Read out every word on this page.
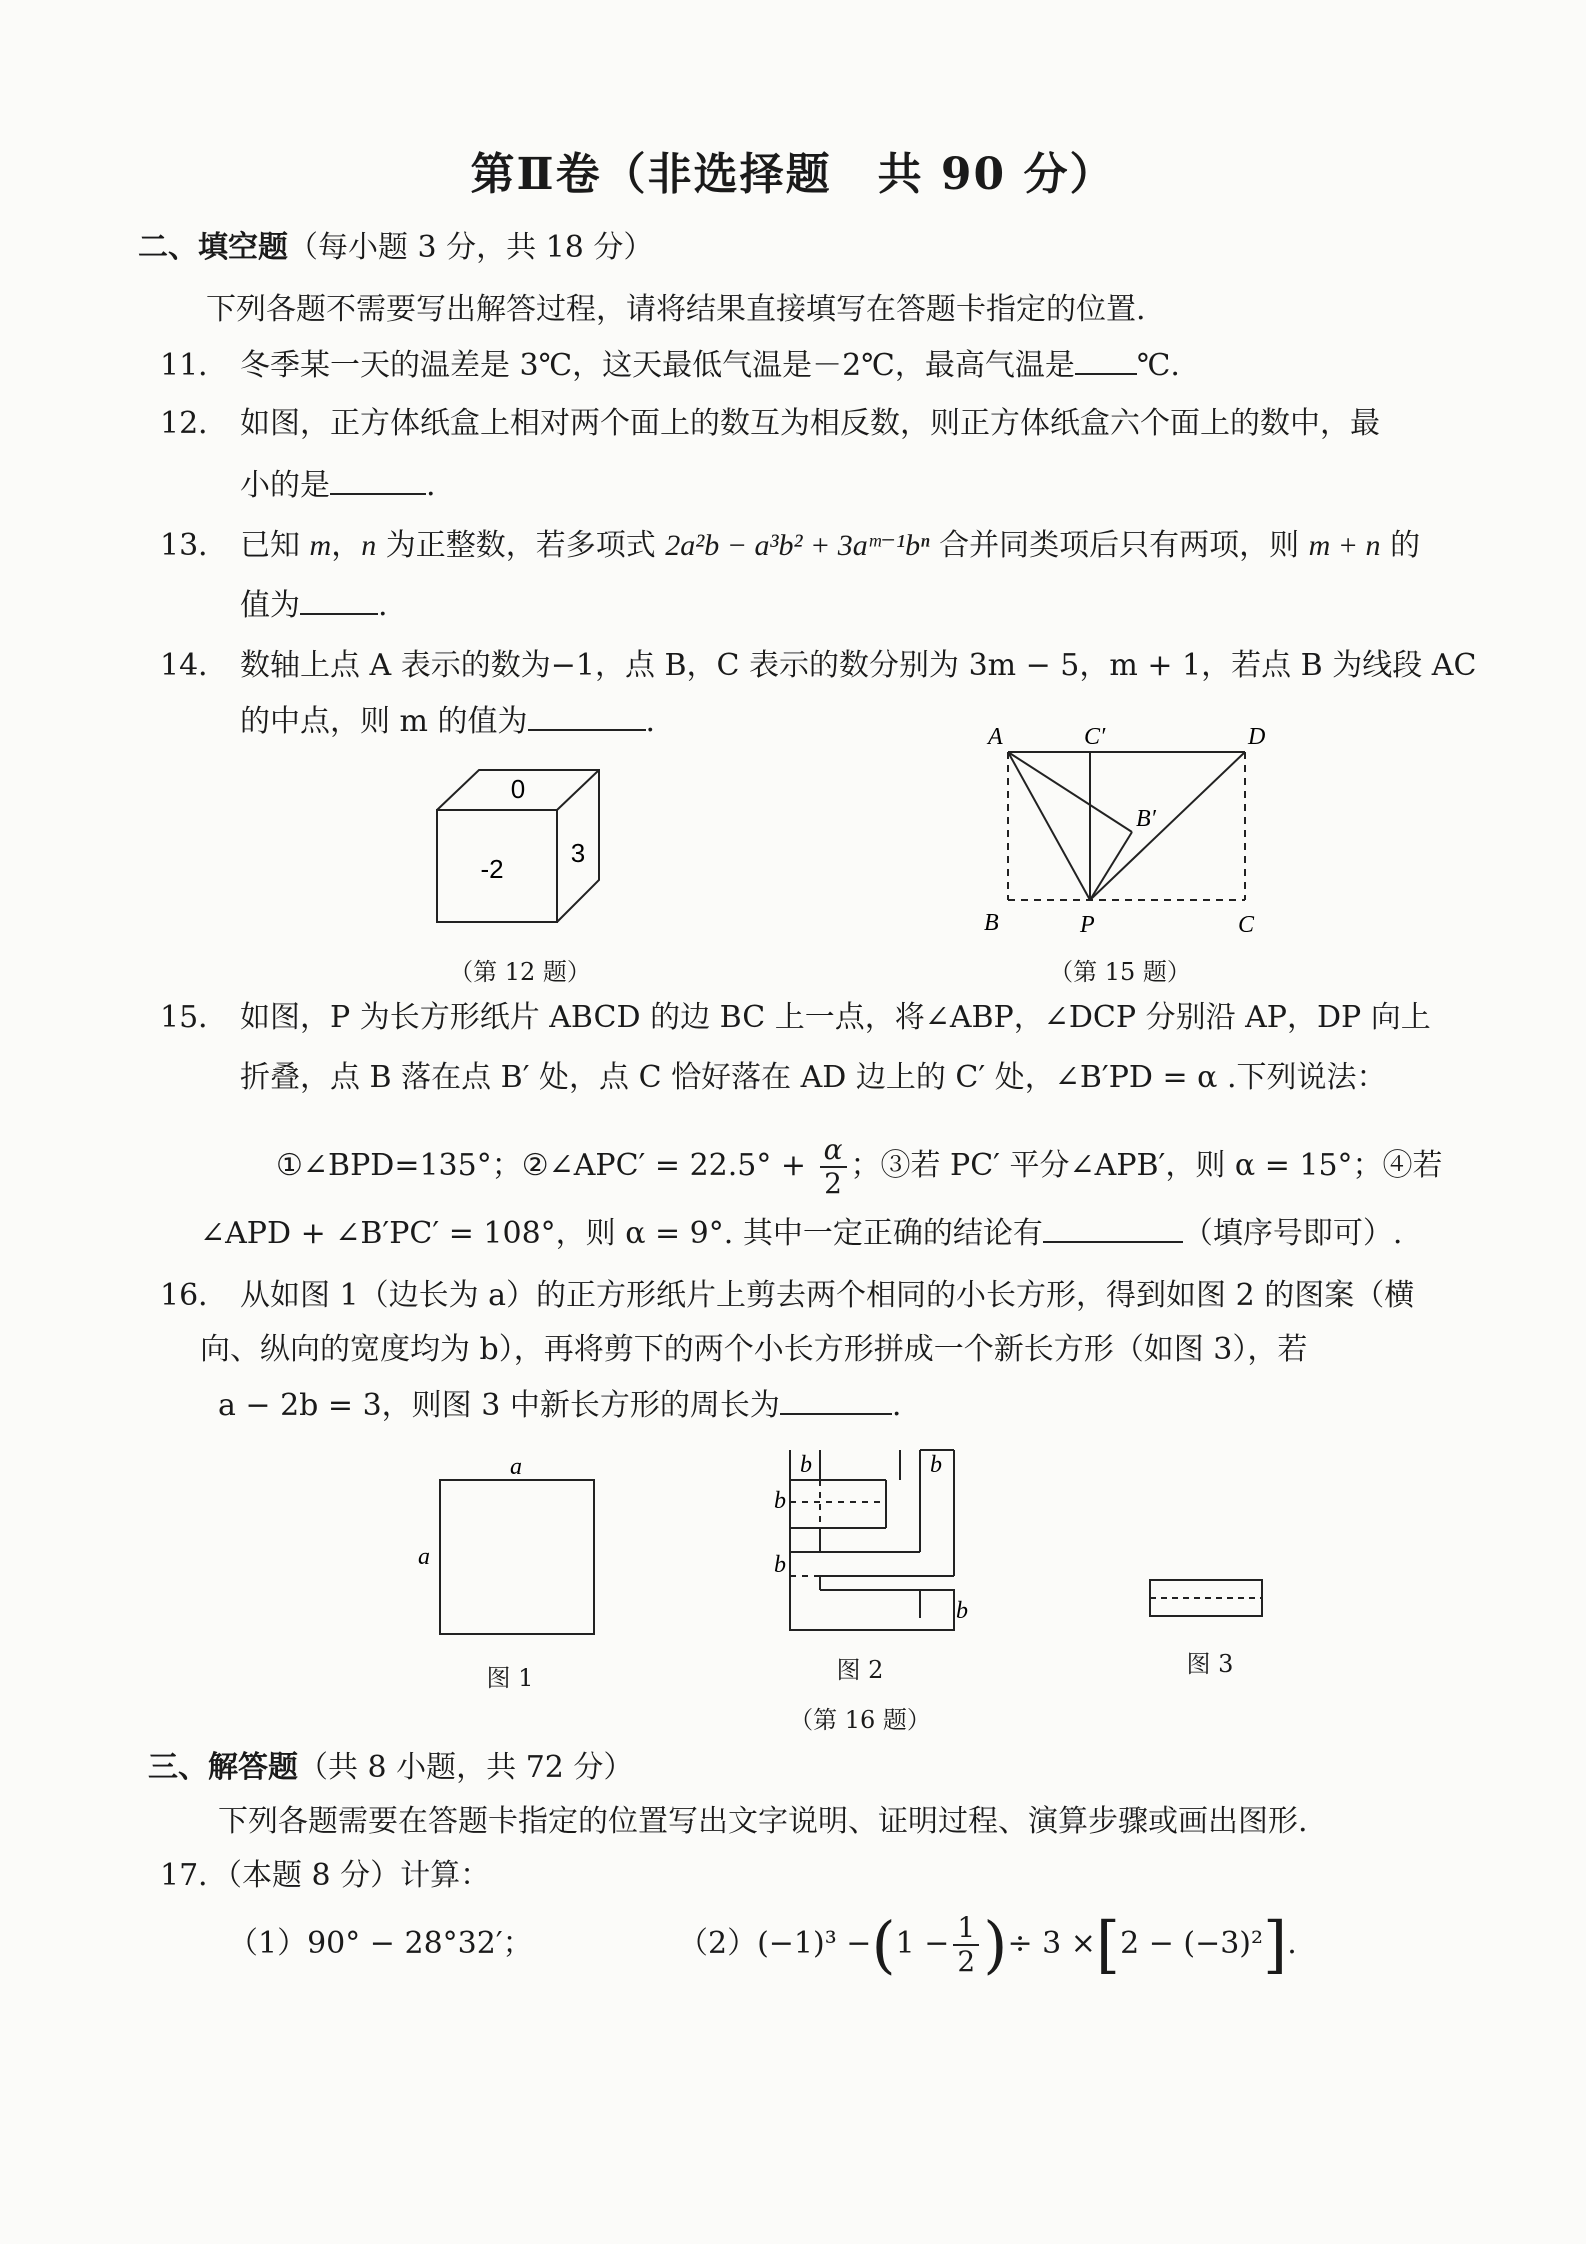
第Ⅱ卷（非选择题　共 90 分）
二、填空题（每小题 3 分，共 18 分）
下列各题不需要写出解答过程，请将结果直接填写在答题卡指定的位置.
11． 冬季某一天的温差是 3℃，这天最低气温是－2℃，最高气温是 ℃.
12． 如图，正方体纸盒上相对两个面上的数互为相反数，则正方体纸盒六个面上的数中，最
小的是	.
13． 已知 m，n 为正整数，若多项式 2a²b − a³b² + 3aᵐ⁻¹bⁿ 合并同类项后只有两项，则 m + n 的
值为	.
14． 数轴上点 A 表示的数为−1，点 B，C 表示的数分别为 3m − 5，m + 1，若点 B 为线段 AC
的中点，则 m 的值为	.
0
-2
3
（第 12 题）
A	C′	D
B′
B	P	C
（第 15 题）
15． 如图，P 为长方形纸片 ABCD 的边 BC 上一点，将∠ABP，∠DCP 分别沿 AP，DP 向上
折叠，点 B 落在点 B′ 处，点 C 恰好落在 AD 边上的 C′ 处，∠B′PD = α .下列说法：
①∠BPD=135°；②∠APC′ = $22.5^\circ + \frac{\alpha}{2}$ ；③若 PC′ 平分∠APB′，则 α = 15°；④若
∠APD + ∠B′PC′ = 108°，则 α = 9°. 其中一定正确的结论有	（填序号即可）.
16． 从如图 1（边长为 a）的正方形纸片上剪去两个相同的小长方形，得到如图 2 的图案（横
向、纵向的宽度均为 b），再将剪下的两个小长方形拼成一个新长方形（如图 3），若
a − 2b = 3，则图 3 中新长方形的周长为	.
a
a
b	b
b
b
b
图 1	图 2	图 3
（第 16 题）
三、解答题（共 8 小题，共 72 分）
下列各题需要在答题卡指定的位置写出文字说明、证明过程、演算步骤或画出图形.
17．（本题 8 分）计算：
（1）90° − 28°32′；	$(2)(-1)^3 -(1 - \frac{1}{2}$ )÷ 3 ×[2 − (−3)²].
